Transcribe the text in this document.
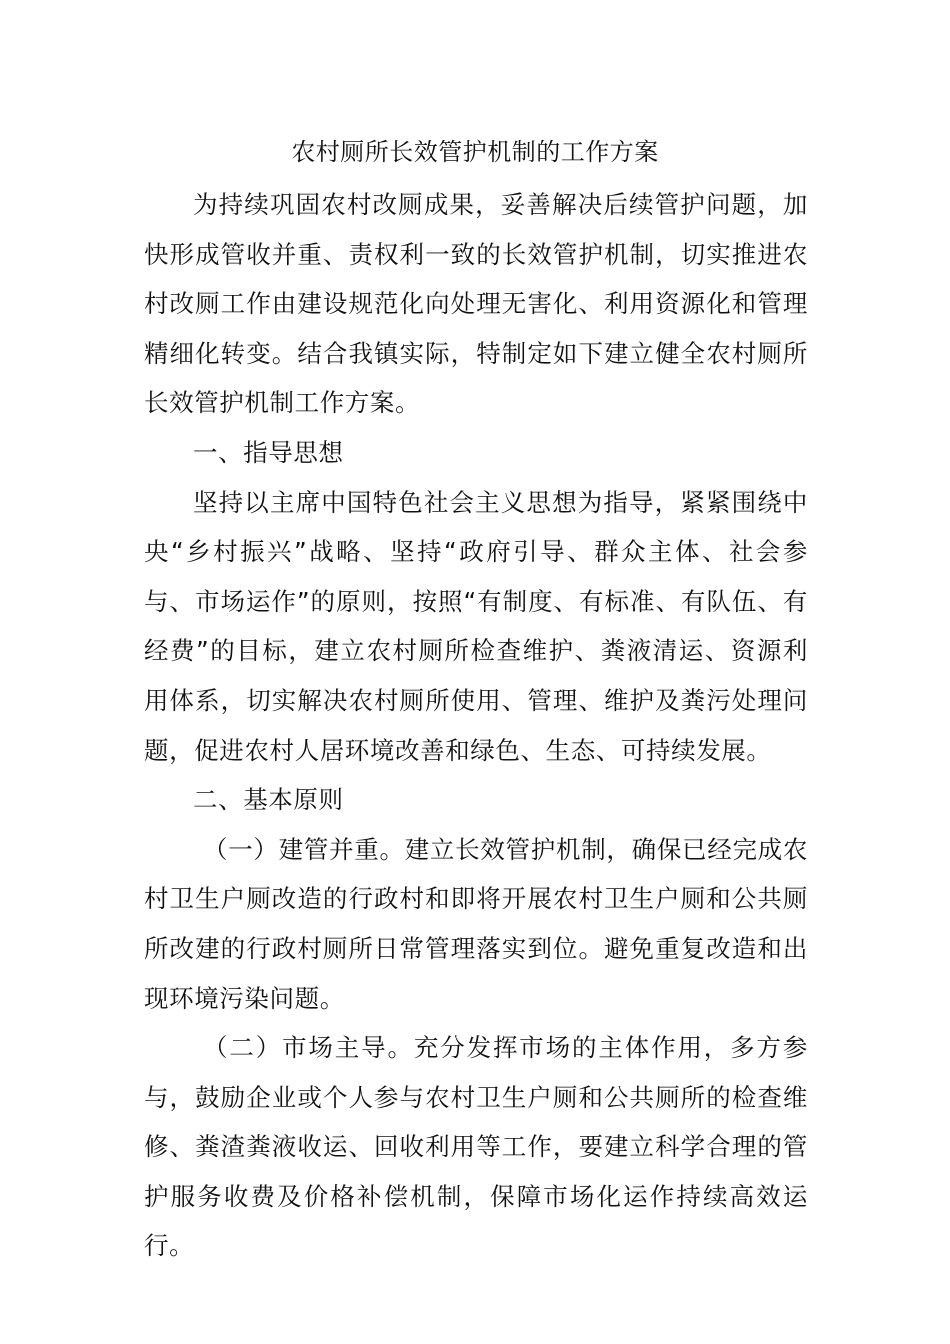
农村厕所长效管护机制的工作方案

为持续巩固农村改厕成果，妥善解决后续管护问题，加快形成管收并重、责权利一致的长效管护机制，切实推进农村改厕工作由建设规范化向处理无害化、利用资源化和管理精细化转变。结合我镇实际，特制定如下建立健全农村厕所长效管护机制工作方案。

一、指导思想

坚持以主席中国特色社会主义思想为指导，紧紧围绕中央“乡村振兴”战略、坚持“政府引导、群众主体、社会参与、市场运作”的原则，按照“有制度、有标准、有队伍、有经费”的目标，建立农村厕所检查维护、粪液清运、资源利用体系，切实解决农村厕所使用、管理、维护及粪污处理问题，促进农村人居环境改善和绿色、生态、可持续发展。

二、基本原则

（一）建管并重。建立长效管护机制，确保已经完成农村卫生户厕改造的行政村和即将开展农村卫生户厕和公共厕所改建的行政村厕所日常管理落实到位。避免重复改造和出现环境污染问题。

（二）市场主导。充分发挥市场的主体作用，多方参与，鼓励企业或个人参与农村卫生户厕和公共厕所的检查维修、粪渣粪液收运、回收利用等工作，要建立科学合理的管护服务收费及价格补偿机制，保障市场化运作持续高效运行。
